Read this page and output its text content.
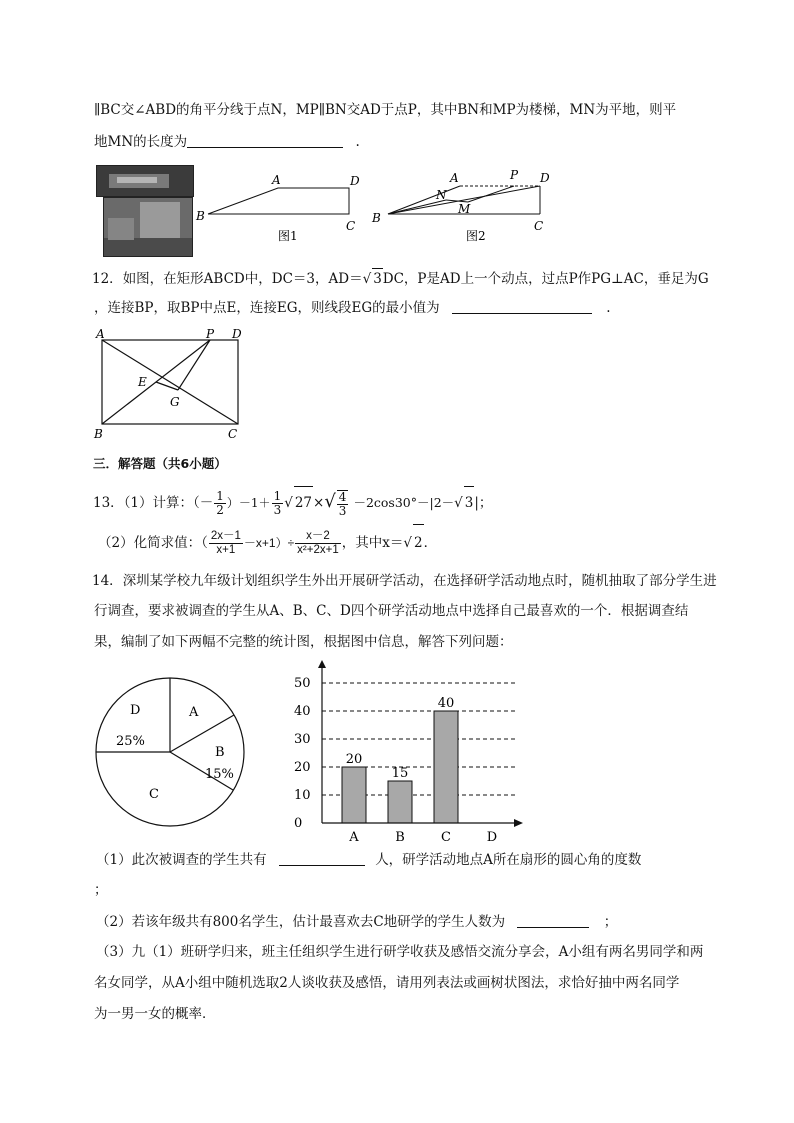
∥BC交∠ABD的角平分线于点N，MP∥BN交AD于点P，其中BN和MP为楼梯，MN为平地，则平
地MN的长度为	.
A	D
B
C
图1
A	P D
N
M
B
C
图2
12．如图，在矩形ABCD中，DC＝3，AD＝√ 3DC，P是AD上一个动点，过点P作PG⊥AC，垂足为G
，连接BP，取BP中点E，连接EG，则线段EG的最小值为	.
A	P D
E
G
B	C
三．解答题（共6小题）
13．（1）计算：（－ $\frac{1}{2} )-1+ \frac{1}{3}$ √ $27\times√ \frac{4}{3} -2\cos 30^\circ-|2-√$ 3|；
（2）化简求值：（ $\frac{2x-1}{x+1} -x+1)\div \frac{x-2}{\text{x²+2x+1}}$ ，其中x＝√ 2．
14．深圳某学校九年级计划组织学生外出开展研学活动，在选择研学活动地点时，随机抽取了部分学生进
行调查，要求被调查的学生从A、B、C、D四个研学活动地点中选择自己最喜欢的一个．根据调查结
果，编制了如下两幅不完整的统计图，根据图中信息，解答下列问题：
D
25%
A
B
15%
C
0
10
20
30
40
50
20
A
15
B
40
C	D
（1）此次被调查的学生共有	人，研学活动地点A所在扇形的圆心角的度数
；
（2）若该年级共有800名学生，估计最喜欢去C地研学的学生人数为	；
（3）九（1）班研学归来，班主任组织学生进行研学收获及感悟交流分享会，A小组有两名男同学和两
名女同学，从A小组中随机选取2人谈收获及感悟，请用列表法或画树状图法，求恰好抽中两名同学
为一男一女的概率．
